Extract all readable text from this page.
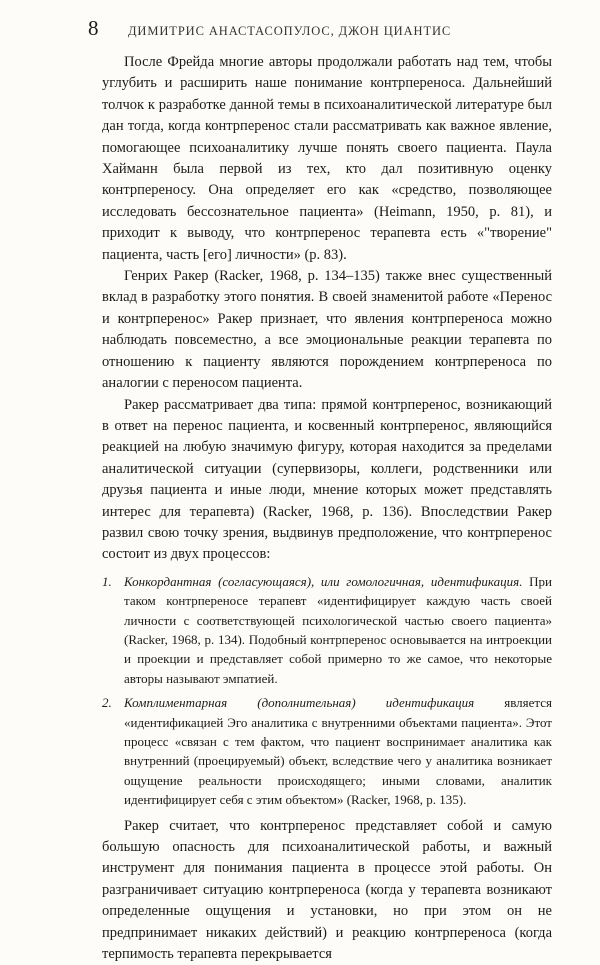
8	ДИМИТРИС АНАСТАСОПУЛОС, ДЖОН ЦИАНТИС

После Фрейда многие авторы продолжали работать над тем, чтобы углубить и расширить наше понимание контрпереноса. Дальнейший толчок к разработке данной темы в психоаналитической литературе был дан тогда, когда контрперенос стали рассматривать как важное явление, помогающее психоаналитику лучше понять своего пациента. Паула Хайманн была первой из тех, кто дал позитивную оценку контрпереносу. Она определяет его как «средство, позволяющее исследовать бессознательное пациента» (Heimann, 1950, p. 81), и приходит к выводу, что контрперенос терапевта есть «"творение" пациента, часть [его] личности» (p. 83).

Генрих Ракер (Racker, 1968, p. 134–135) также внес существенный вклад в разработку этого понятия. В своей знаменитой работе «Перенос и контрперенос» Ракер признает, что явления контрпереноса можно наблюдать повсеместно, а все эмоциональные реакции терапевта по отношению к пациенту являются порождением контрпереноса по аналогии с переносом пациента.

Ракер рассматривает два типа: прямой контрперенос, возникающий в ответ на перенос пациента, и косвенный контрперенос, являющийся реакцией на любую значимую фигуру, которая находится за пределами аналитической ситуации (супервизоры, коллеги, родственники или друзья пациента и иные люди, мнение которых может представлять интерес для терапевта) (Racker, 1968, p. 136). Впоследствии Ракер развил свою точку зрения, выдвинув предположение, что контрперенос состоит из двух процессов:

1. Конкордантная (согласующаяся), или гомологичная, идентификация. При таком контрпереносе терапевт «идентифицирует каждую часть своей личности с соответствующей психологической частью своего пациента» (Racker, 1968, p. 134). Подобный контрперенос основывается на интроекции и проекции и представляет собой примерно то же самое, что некоторые авторы называют эмпатией.
2. Комплиментарная (дополнительная) идентификация является «идентификацией Эго аналитика с внутренними объектами пациента». Этот процесс «связан с тем фактом, что пациент воспринимает аналитика как внутренний (проецируемый) объект, вследствие чего у аналитика возникает ощущение реальности происходящего; иными словами, аналитик идентифицирует себя с этим объектом» (Racker, 1968, p. 135).

Ракер считает, что контрперенос представляет собой и самую большую опасность для психоаналитической работы, и важный инструмент для понимания пациента в процессе этой работы. Он разграничивает ситуацию контрпереноса (когда у терапевта возникают определенные ощущения и установки, но при этом он не предпринимает никаких действий) и реакцию контрпереноса (когда терпимость терапевта перекрывается
